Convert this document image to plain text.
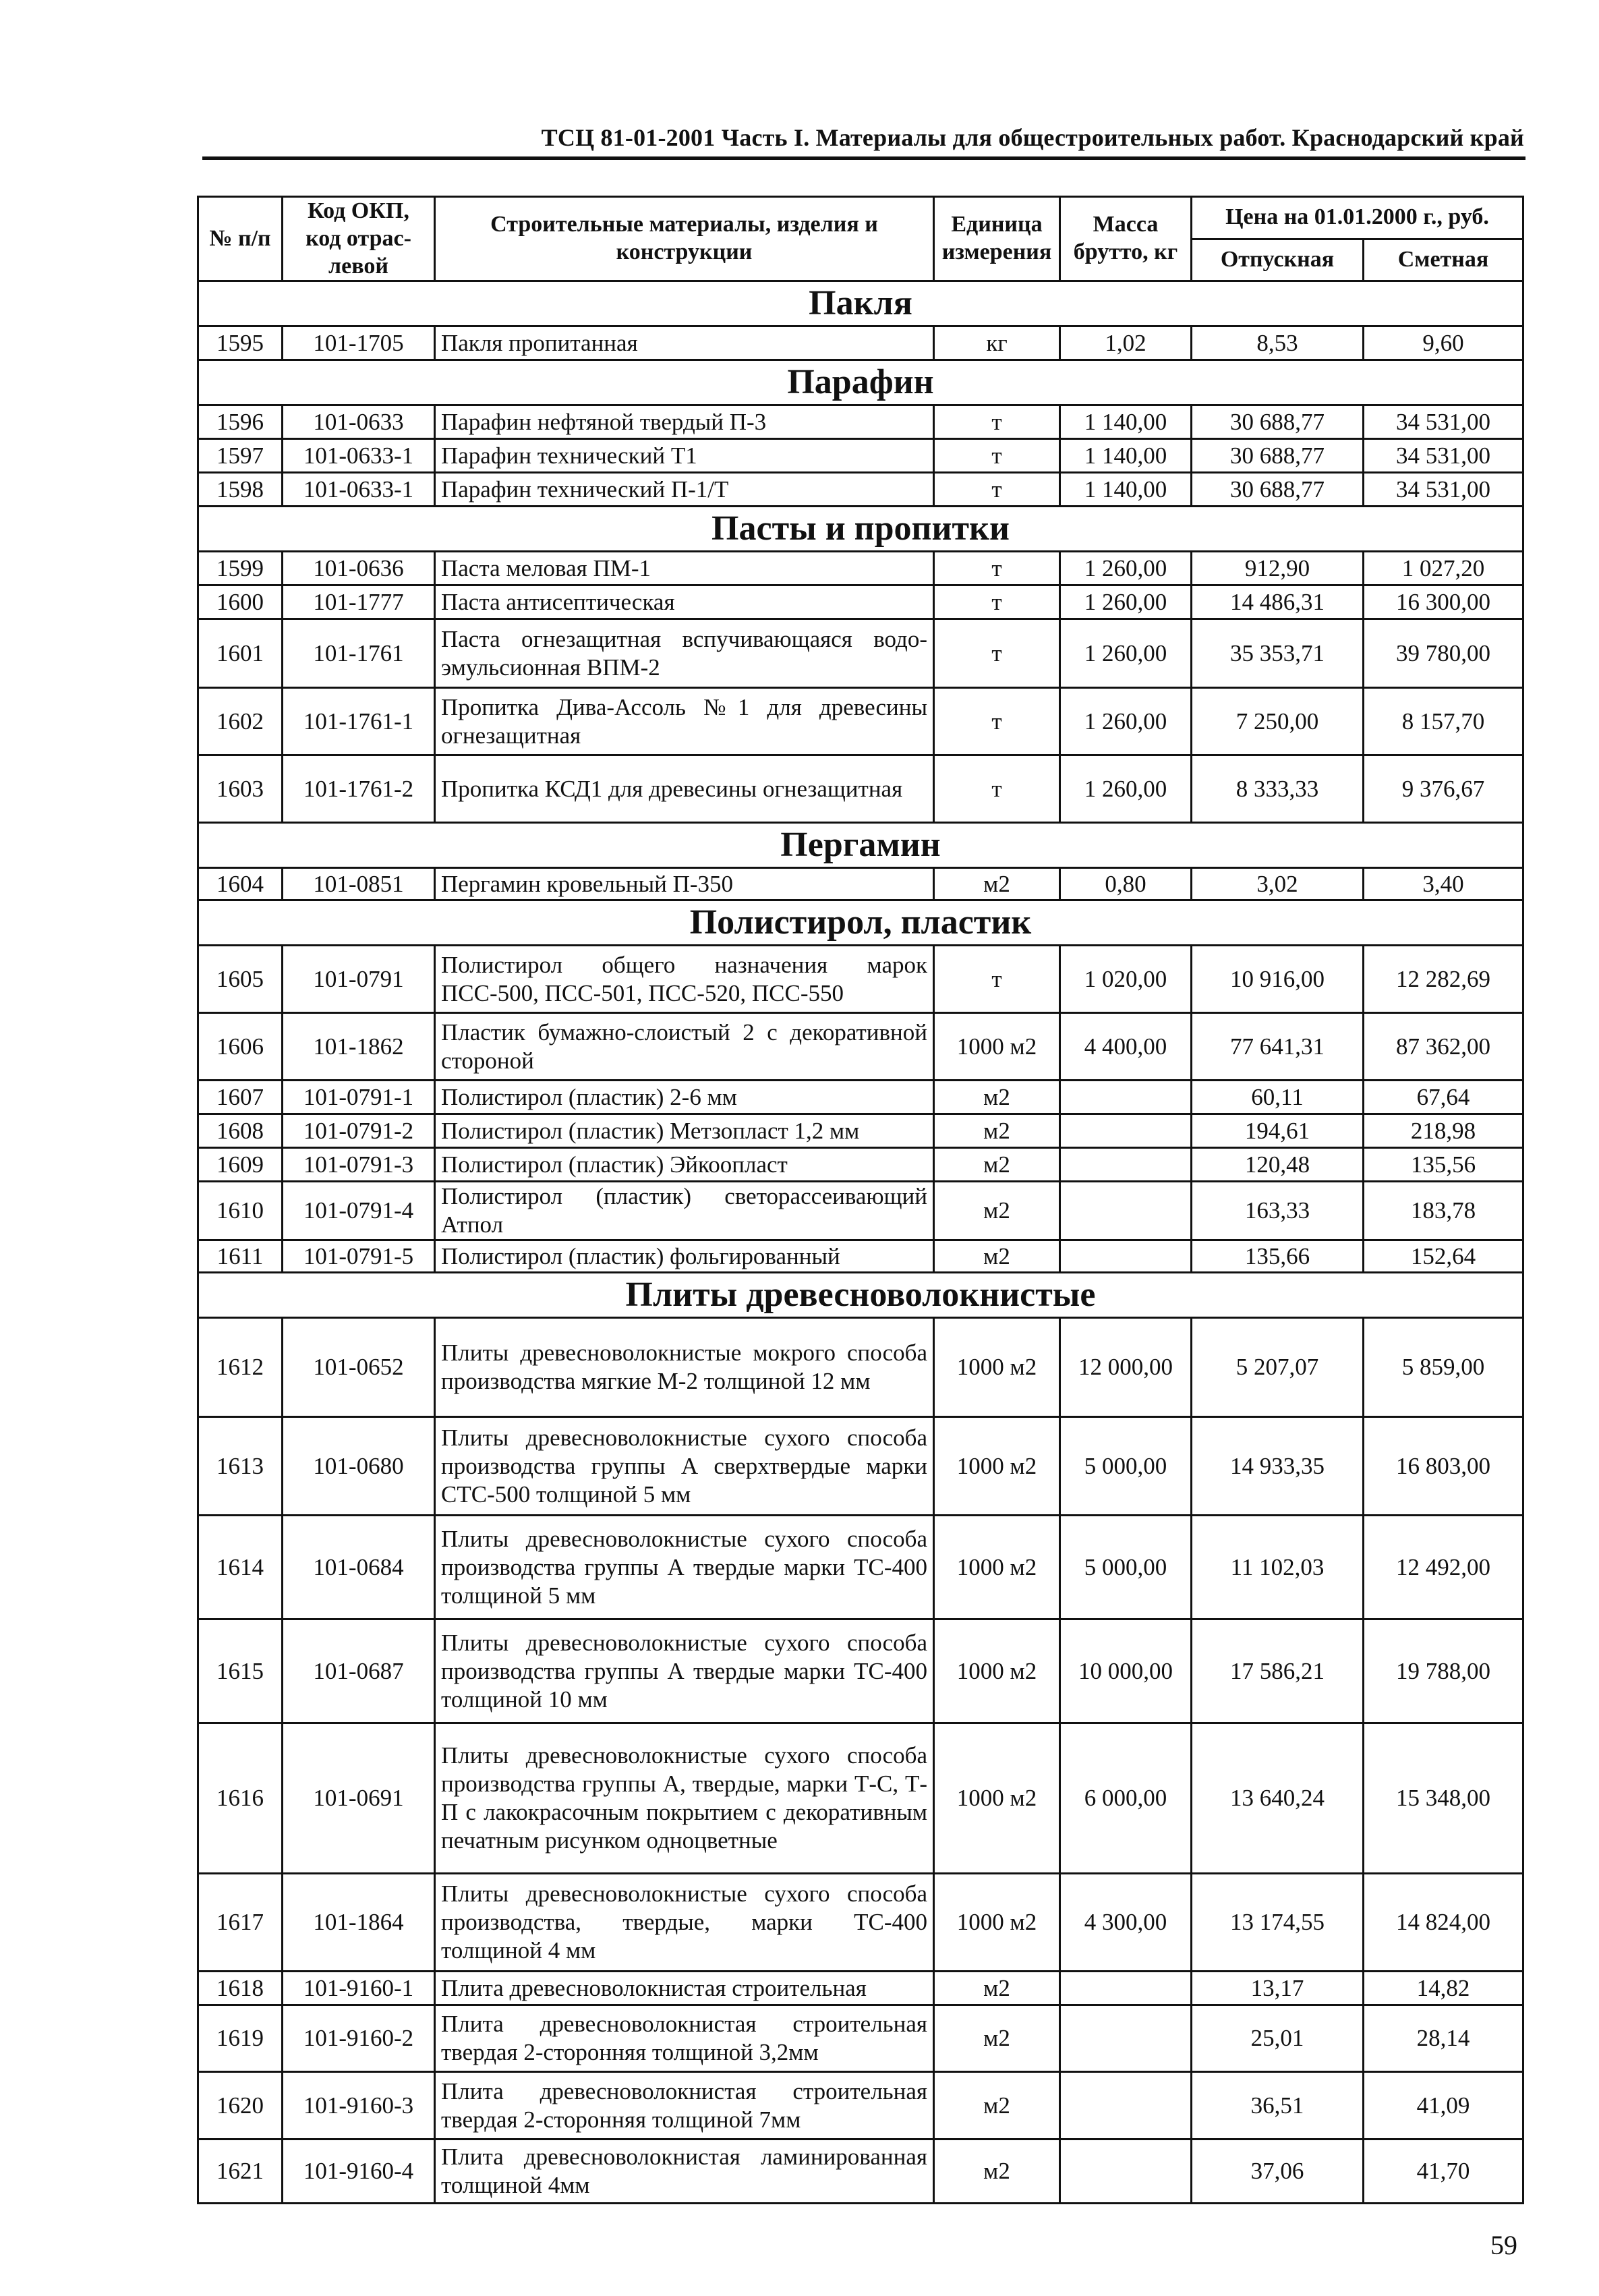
ТСЦ 81-01-2001 Часть I. Материалы для общестроительных работ. Краснодарский край
№ п/п	Код ОКП, код отраслевой	Строительные материалы, изделия и конструкции	Единица измерения	Масса брутто, кг	Цена на 01.01.2000 г., руб.	
					Отпускная	Сметная
Пакля						
1595	101-1705	Пакля пропитанная	кг	1,02	8,53	9,60
Парафин						
1596	101-0633	Парафин нефтяной твердый П-3	т	1 140,00	30 688,77	34 531,00
1597	101-0633-1	Парафин технический Т1	т	1 140,00	30 688,77	34 531,00
1598	101-0633-1	Парафин технический П-1/Т	т	1 140,00	30 688,77	34 531,00
Пасты и пропитки						
1599	101-0636	Паста меловая ПМ-1	т	1 260,00	912,90	1 027,20
1600	101-1777	Паста антисептическая	т	1 260,00	14 486,31	16 300,00
1601	101-1761	Паста огнезащитная вспучивающаяся водоэмульсионная ВПМ-2	т	1 260,00	35 353,71	39 780,00
1602	101-1761-1	Пропитка Дива-Ассоль №1 для древесины огнезащитная	т	1 260,00	7 250,00	8 157,70
1603	101-1761-2	Пропитка КСД1 для древесины огнезащитная	т	1 260,00	8 333,33	9 376,67
Пергамин						
1604	101-0851	Пергамин кровельный П-350	м2	0,80	3,02	3,40
Полистирол, пластик						
1605	101-0791	Полистирол общего назначения марок ПСС-500, ПСС-501, ПСС-520, ПСС-550	т	1 020,00	10 916,00	12 282,69
1606	101-1862	Пластик бумажно-слоистый 2 с декоративной стороной	1000 м2	4 400,00	77 641,31	87 362,00
1607	101-0791-1	Полистирол (пластик) 2-6 мм	м2		60,11	67,64
1608	101-0791-2	Полистирол (пластик) Метзопласт 1,2 мм	м2		194,61	218,98
1609	101-0791-3	Полистирол (пластик) Эйкоопласт	м2		120,48	135,56
1610	101-0791-4	Полистирол (пластик) светорассеивающий Атпол	м2		163,33	183,78
1611	101-0791-5	Полистирол (пластик) фольгированный	м2		135,66	152,64
Плиты древесноволокнистые						
1612	101-0652	Плиты древесноволокнистые мокрого способа производства мягкие М-2 толщиной 12 мм	1000 м2	12 000,00	5 207,07	5 859,00
1613	101-0680	Плиты древесноволокнистые сухого способа производства группы А сверхтвердые марки СТС-500 толщиной 5 мм	1000 м2	5 000,00	14 933,35	16 803,00
1614	101-0684	Плиты древесноволокнистые сухого способа производства группы А твердые марки ТС-400 толщиной 5 мм	1000 м2	5 000,00	11 102,03	12 492,00
1615	101-0687	Плиты древесноволокнистые сухого способа производства группы А твердые марки ТС-400 толщиной 10 мм	1000 м2	10 000,00	17 586,21	19 788,00
1616	101-0691	Плиты древесноволокнистые сухого способа производства группы А, твердые, марки Т-С, Т-П с лакокрасочным покрытием с декоративным печатным рисунком одноцветные	1000 м2	6 000,00	13 640,24	15 348,00
1617	101-1864	Плиты древесноволокнистые сухого способа производства, твердые, марки ТС-400 толщиной 4 мм	1000 м2	4 300,00	13 174,55	14 824,00
1618	101-9160-1	Плита древесноволокнистая строительная	м2		13,17	14,82
1619	101-9160-2	Плита древесноволокнистая строительная твердая 2-сторонняя толщиной 3,2мм	м2		25,01	28,14
1620	101-9160-3	Плита древесноволокнистая строительная твердая 2-сторонняя толщиной 7мм	м2		36,51	41,09
1621	101-9160-4	Плита древесноволокнистая ламинированная толщиной 4мм	м2		37,06	41,70
59
